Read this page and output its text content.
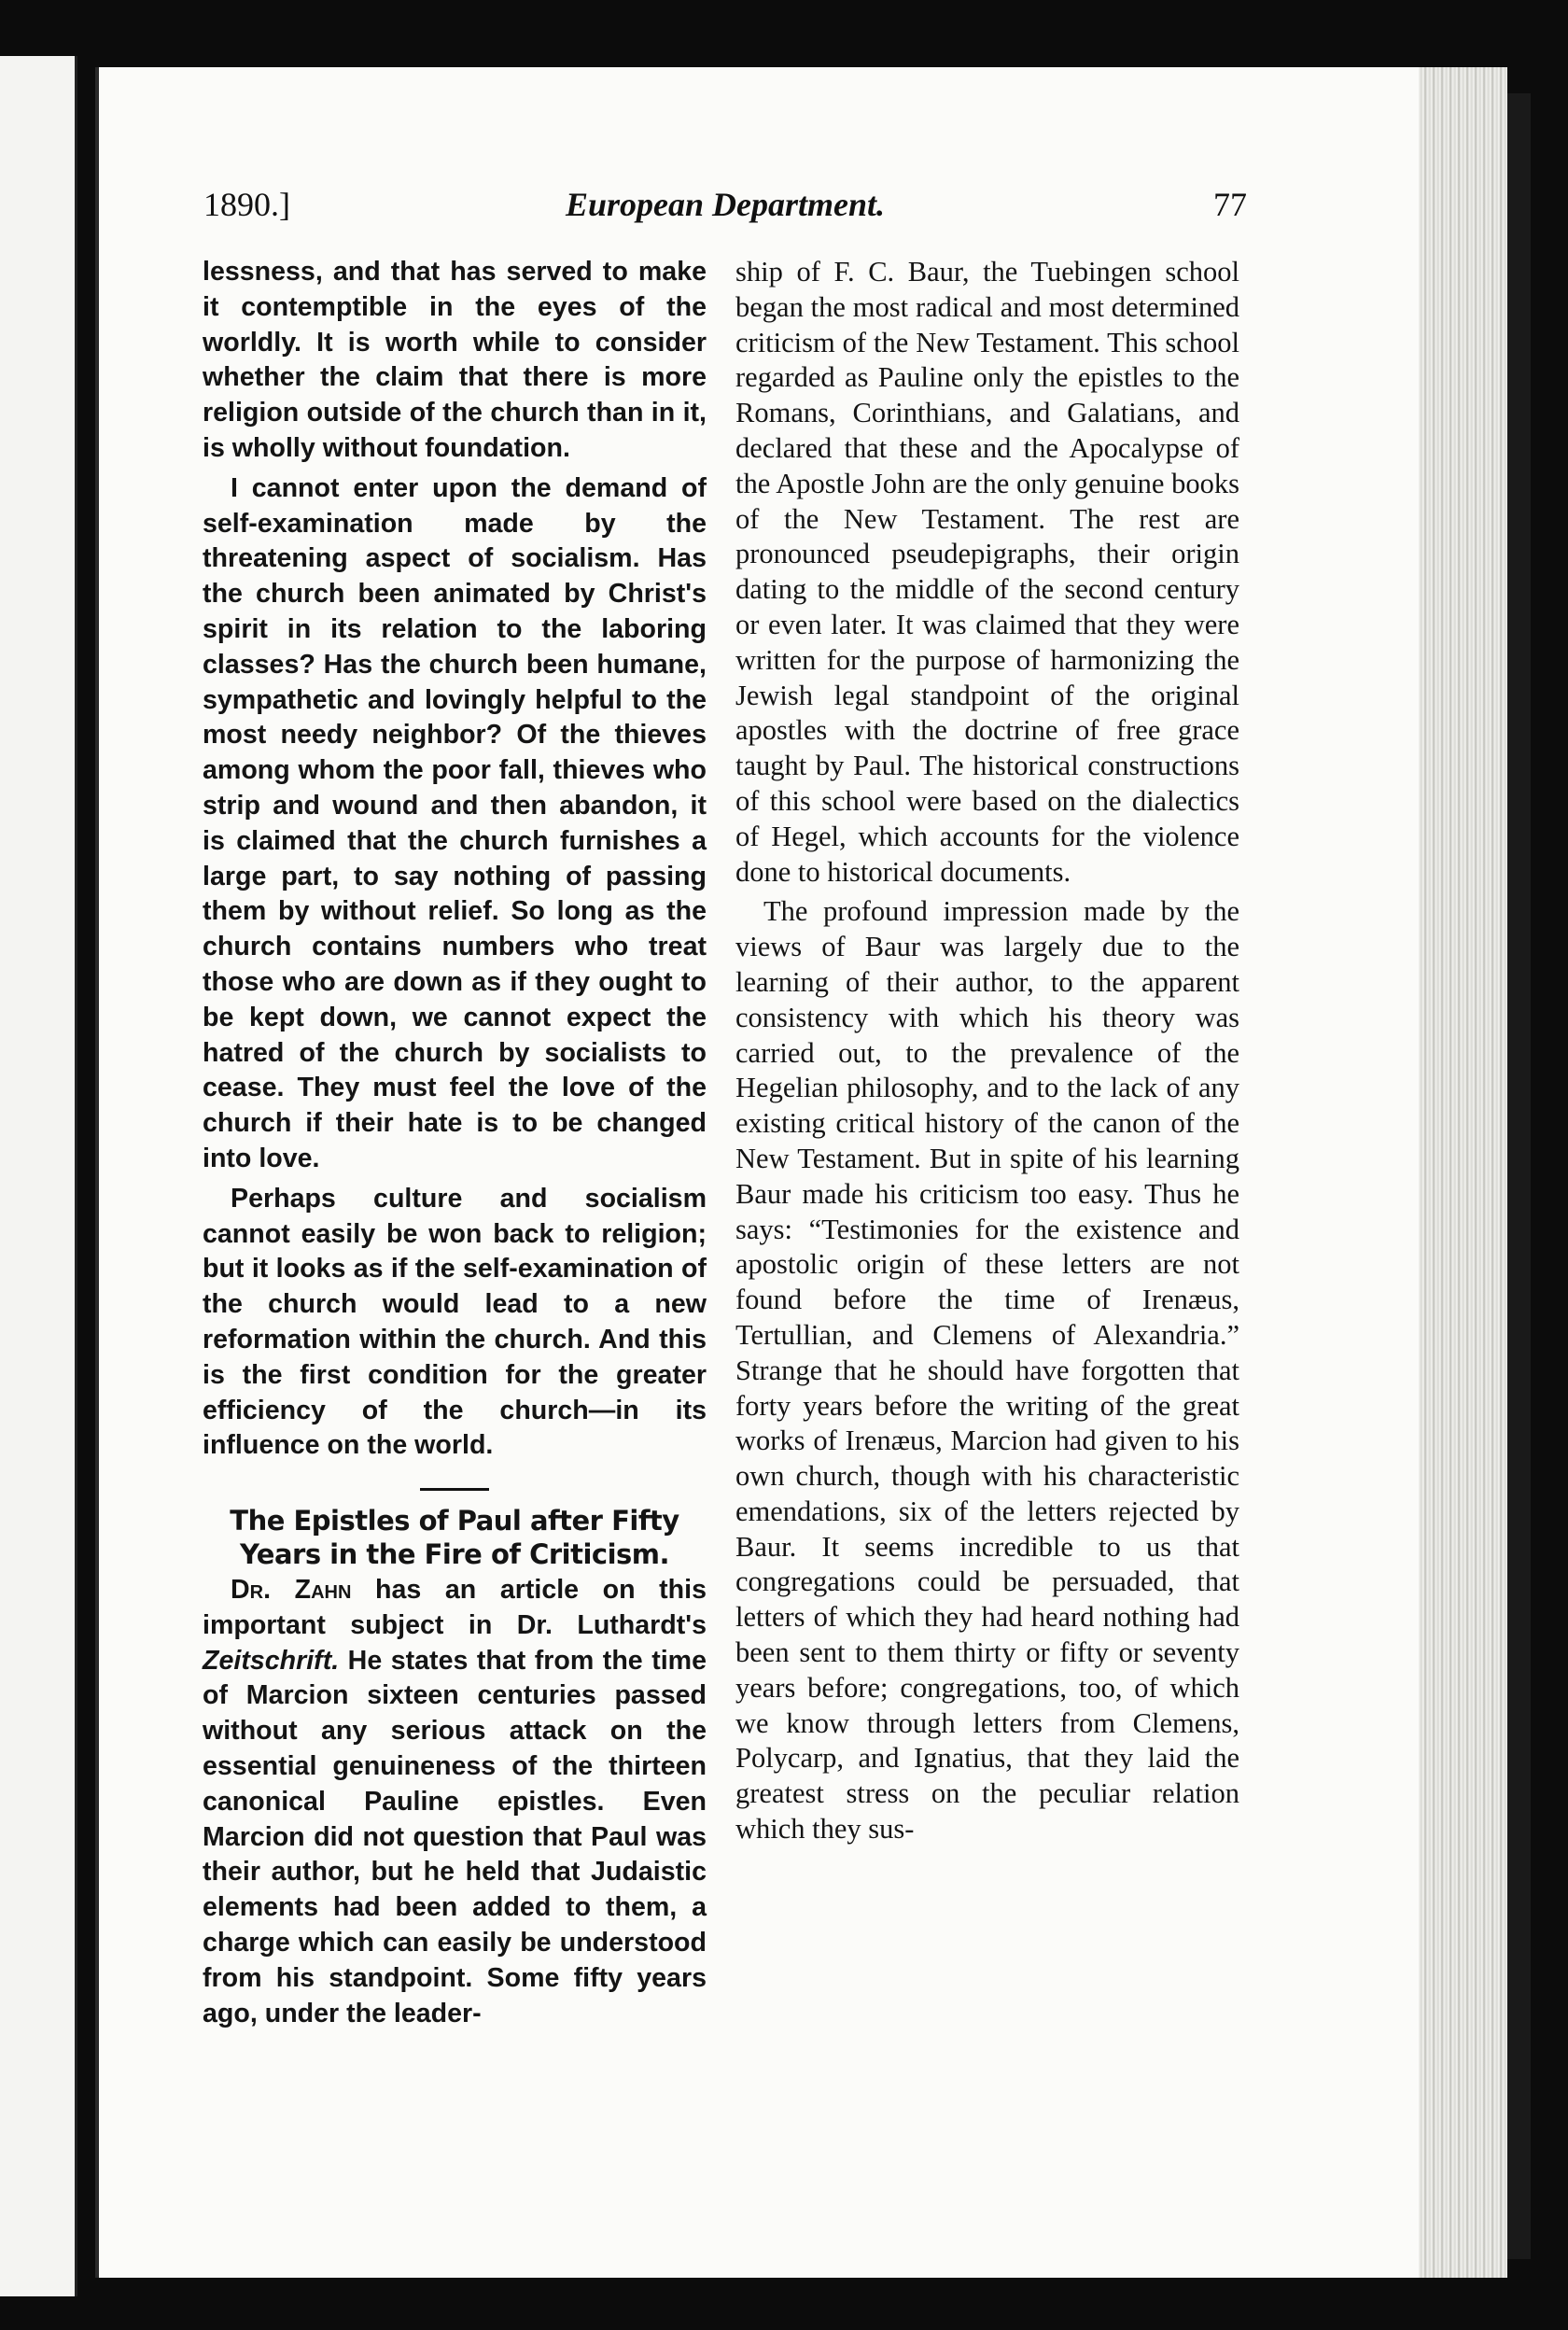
1890.]	European Department.	77

lessness, and that has served to make it contemptible in the eyes of the worldly. It is worth while to consider whether the claim that there is more religion outside of the church than in it, is wholly without foundation.

I cannot enter upon the demand of self-examination made by the threatening aspect of socialism. Has the church been animated by Christ's spirit in its relation to the laboring classes? Has the church been humane, sympathetic and lovingly helpful to the most needy neighbor? Of the thieves among whom the poor fall, thieves who strip and wound and then abandon, it is claimed that the church furnishes a large part, to say nothing of passing them by without relief. So long as the church contains numbers who treat those who are down as if they ought to be kept down, we cannot expect the hatred of the church by socialists to cease. They must feel the love of the church if their hate is to be changed into love.

Perhaps culture and socialism cannot easily be won back to religion; but it looks as if the self-examination of the church would lead to a new reformation within the church. And this is the first condition for the greater efficiency of the church—in its influence on the world.

The Epistles of Paul after Fifty Years in the Fire of Criticism.

Dr. Zahn has an article on this important subject in Dr. Luthardt's Zeitschrift. He states that from the time of Marcion sixteen centuries passed without any serious attack on the essential genuineness of the thirteen canonical Pauline epistles. Even Marcion did not question that Paul was their author, but he held that Judaistic elements had been added to them, a charge which can easily be understood from his standpoint. Some fifty years ago, under the leader-

ship of F. C. Baur, the Tuebingen school began the most radical and most determined criticism of the New Testament. This school regarded as Pauline only the epistles to the Romans, Corinthians, and Galatians, and declared that these and the Apocalypse of the Apostle John are the only genuine books of the New Testament. The rest are pronounced pseudepigraphs, their origin dating to the middle of the second century or even later. It was claimed that they were written for the purpose of harmonizing the Jewish legal standpoint of the original apostles with the doctrine of free grace taught by Paul. The historical constructions of this school were based on the dialectics of Hegel, which accounts for the violence done to historical documents.

The profound impression made by the views of Baur was largely due to the learning of their author, to the apparent consistency with which his theory was carried out, to the prevalence of the Hegelian philosophy, and to the lack of any existing critical history of the canon of the New Testament. But in spite of his learning Baur made his criticism too easy. Thus he says: “Testimonies for the existence and apostolic origin of these letters are not found before the time of Irenæus, Tertullian, and Clemens of Alexandria.” Strange that he should have forgotten that forty years before the writing of the great works of Irenæus, Marcion had given to his own church, though with his characteristic emendations, six of the letters rejected by Baur. It seems incredible to us that congregations could be persuaded, that letters of which they had heard nothing had been sent to them thirty or fifty or seventy years before; congregations, too, of which we know through letters from Clemens, Polycarp, and Ignatius, that they laid the greatest stress on the peculiar relation which they sus-
